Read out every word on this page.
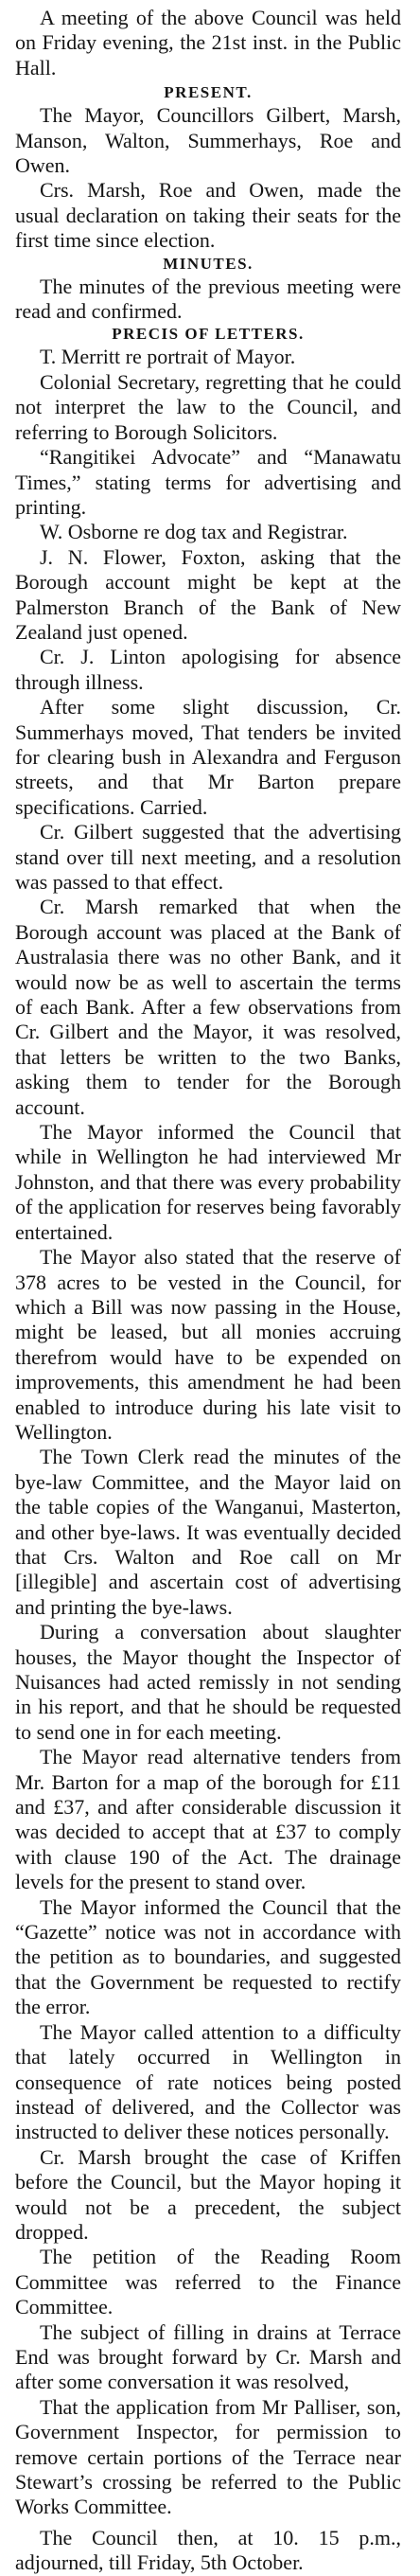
A meeting of the above Council was held on Friday evening, the 21st inst. in the Public Hall.

PRESENT.

The Mayor, Councillors Gilbert, Marsh, Manson, Walton, Summerhays, Roe and Owen.

Crs. Marsh, Roe and Owen, made the usual declaration on taking their seats for the first time since election.

MINUTES.

The minutes of the previous meeting were read and confirmed.

PRECIS OF LETTERS.

T. Merritt re portrait of Mayor.

Colonial Secretary, regretting that he could not interpret the law to the Council, and referring to Borough Solicitors.

“Rangitikei Advocate” and “Manawatu Times,” stating terms for advertising and printing.

W. Osborne re dog tax and Registrar.

J. N. Flower, Foxton, asking that the Borough account might be kept at the Palmerston Branch of the Bank of New Zealand just opened.

Cr. J. Linton apologising for absence through illness.

After some slight discussion, Cr. Summerhays moved, That tenders be invited for clearing bush in Alexandra and Ferguson streets, and that Mr Barton prepare specifications. Carried.

Cr. Gilbert suggested that the advertising stand over till next meeting, and a resolution was passed to that effect.

Cr. Marsh remarked that when the Borough account was placed at the Bank of Australasia there was no other Bank, and it would now be as well to ascertain the terms of each Bank. After a few observations from Cr. Gilbert and the Mayor, it was resolved, that letters be written to the two Banks, asking them to tender for the Borough account.

The Mayor informed the Council that while in Wellington he had interviewed Mr Johnston, and that there was every probability of the application for reserves being favorably entertained.

The Mayor also stated that the reserve of 378 acres to be vested in the Council, for which a Bill was now passing in the House, might be leased, but all monies accruing therefrom would have to be expended on improvements, this amendment he had been enabled to introduce during his late visit to Wellington.

The Town Clerk read the minutes of the bye-law Committee, and the Mayor laid on the table copies of the Wanganui, Masterton, and other bye-laws. It was eventually decided that Crs. Walton and Roe call on Mr [illegible] and ascertain cost of advertising and printing the bye-laws.

During a conversation about slaughter houses, the Mayor thought the Inspector of Nuisances had acted remissly in not sending in his report, and that he should be requested to send one in for each meeting.

The Mayor read alternative tenders from Mr. Barton for a map of the borough for £11 and £37, and after considerable discussion it was decided to accept that at £37 to comply with clause 190 of the Act. The drainage levels for the present to stand over.

The Mayor informed the Council that the “Gazette” notice was not in accordance with the petition as to boundaries, and suggested that the Government be requested to rectify the error.

The Mayor called attention to a difficulty that lately occurred in Wellington in consequence of rate notices being posted instead of delivered, and the Collector was instructed to deliver these notices personally.

Cr. Marsh brought the case of Kriffen before the Council, but the Mayor hoping it would not be a precedent, the subject dropped.

The petition of the Reading Room Committee was referred to the Finance Committee.

The subject of filling in drains at Terrace End was brought forward by Cr. Marsh and after some conversation it was resolved,

That the application from Mr Palliser, son, Government Inspector, for permission to remove certain portions of the Terrace near Stewart’s crossing be referred to the Public Works Committee.

The Council then, at 10. 15 p.m., adjourned, till Friday, 5th October.
